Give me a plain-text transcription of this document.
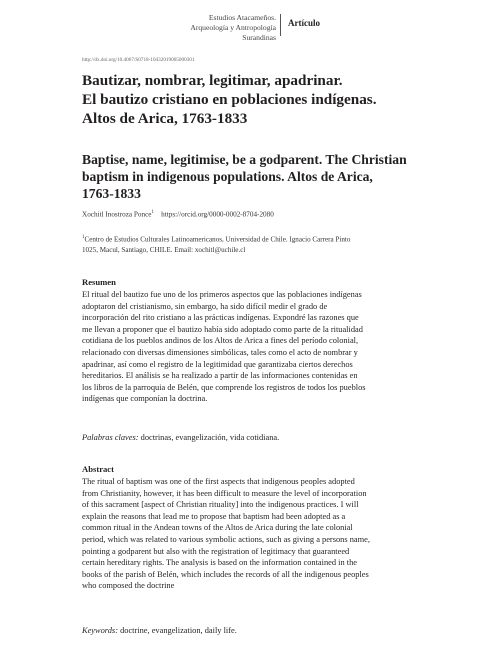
Estudios Atacameños.
Arqueología y Antropología Surandinas
Artículo
http://dx.doi.org/10.4067/S0718-10432019005000301
Bautizar, nombrar, legitimar, apadrinar.
El bautizo cristiano en poblaciones indígenas.
Altos de Arica, 1763-1833
Baptise, name, legitimise, be a godparent. The Christian
baptism in indigenous populations. Altos de Arica,
1763-1833
Xochitl Inostroza Ponce$^1$ https://orcid.org/0000-0002-8704-2080
$^1$Centro de Estudios Culturales Latinoamericanos, Universidad de Chile. Ignacio Carrera Pinto
1025, Macul, Santiago, CHILE. Email: xochitl@uchile.cl
Resumen
El ritual del bautizo fue uno de los primeros aspectos que las poblaciones indígenas
adoptaron del cristianismo, sin embargo, ha sido difícil medir el grado de
incorporación del rito cristiano a las prácticas indígenas. Expondré las razones que
me llevan a proponer que el bautizo había sido adoptado como parte de la ritualidad
cotidiana de los pueblos andinos de los Altos de Arica a fines del período colonial,
relacionado con diversas dimensiones simbólicas, tales como el acto de nombrar y
apadrinar, así como el registro de la legitimidad que garantizaba ciertos derechos
hereditarios. El análisis se ha realizado a partir de las informaciones contenidas en
los libros de la parroquia de Belén, que comprende los registros de todos los pueblos
indígenas que componían la doctrina.
Palabras claves: doctrinas, evangelización, vida cotidiana.
Abstract
The ritual of baptism was one of the first aspects that indigenous peoples adopted
from Christianity, however, it has been difficult to measure the level of incorporation
of this sacrament [aspect of Christian rituality] into the indigenous practices. I will
explain the reasons that lead me to propose that baptism had been adopted as a
common ritual in the Andean towns of the Altos de Arica during the late colonial
period, which was related to various symbolic actions, such as giving a persons name,
pointing a godparent but also with the registration of legitimacy that guaranteed
certain hereditary rights. The analysis is based on the information contained in the
books of the parish of Belén, which includes the records of all the indigenous peoples
who composed the doctrine
Keywords: doctrine, evangelization, daily life.
